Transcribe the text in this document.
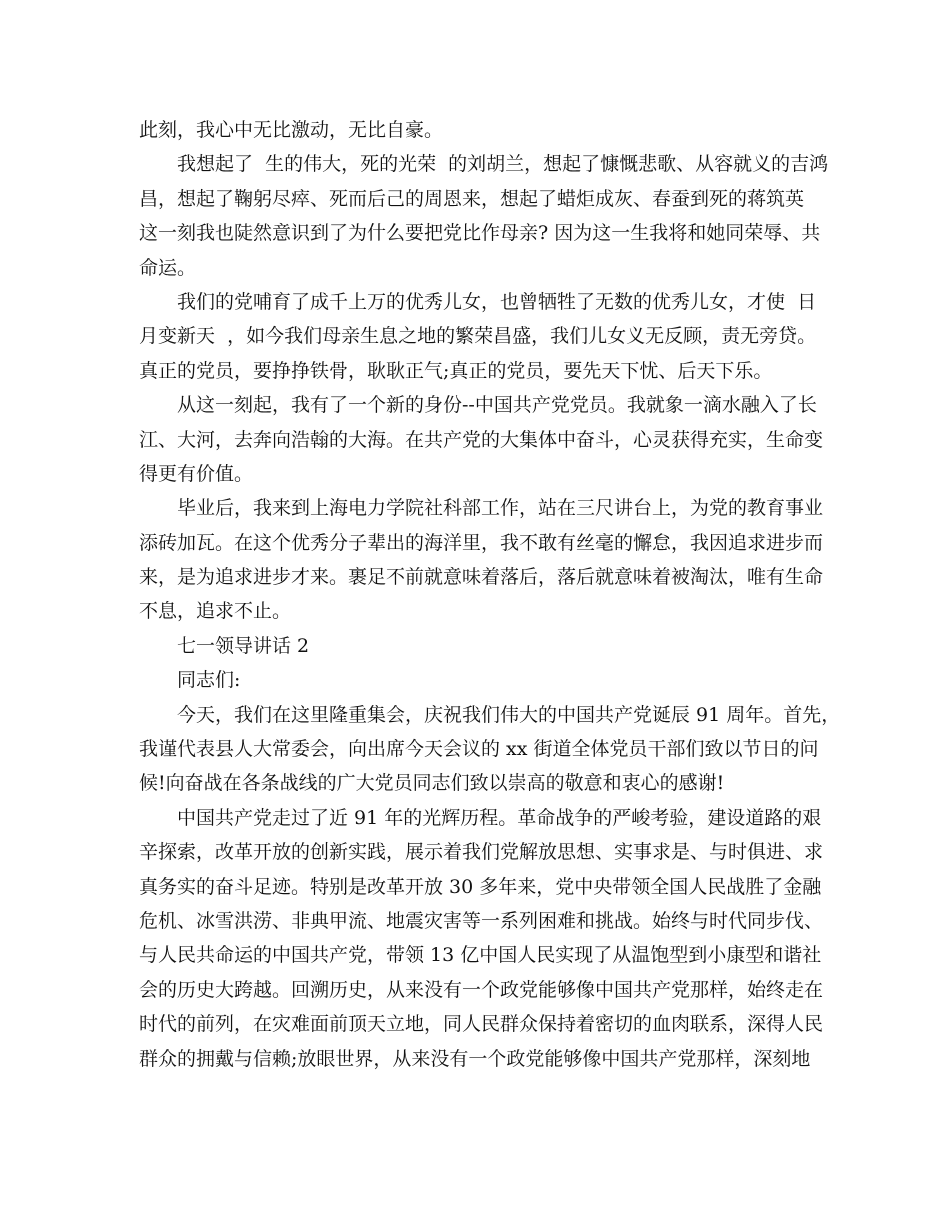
此刻，我心中无比激动，无比自豪。
我想起了  生的伟大，死的光荣  的刘胡兰，想起了慷慨悲歌、从容就义的吉鸿
昌，想起了鞠躬尽瘁、死而后己的周恩来，想起了蜡炬成灰、春蚕到死的蒋筑英
这一刻我也陡然意识到了为什么要把党比作母亲? 因为这一生我将和她同荣辱、共
命运。
我们的党哺育了成千上万的优秀儿女，也曾牺牲了无数的优秀儿女，才使  日
月变新天  ，如今我们母亲生息之地的繁荣昌盛，我们儿女义无反顾，责无旁贷。
真正的党员，要挣挣铁骨，耿耿正气;真正的党员，要先天下忧、后天下乐。
从这一刻起，我有了一个新的身份--中国共产党党员。我就象一滴水融入了长
江、大河，去奔向浩翰的大海。在共产党的大集体中奋斗，心灵获得充实，生命变
得更有价值。
毕业后，我来到上海电力学院社科部工作，站在三尺讲台上，为党的教育事业
添砖加瓦。在这个优秀分子辈出的海洋里，我不敢有丝毫的懈怠，我因追求进步而
来，是为追求进步才来。裹足不前就意味着落后，落后就意味着被淘汰，唯有生命
不息，追求不止。
七一领导讲话 2
同志们:
今天，我们在这里隆重集会，庆祝我们伟大的中国共产党诞辰 91 周年。首先，
我谨代表县人大常委会，向出席今天会议的 xx 街道全体党员干部们致以节日的问
候!向奋战在各条战线的广大党员同志们致以崇高的敬意和衷心的感谢!
中国共产党走过了近 91 年的光辉历程。革命战争的严峻考验，建设道路的艰
辛探索，改革开放的创新实践，展示着我们党解放思想、实事求是、与时俱进、求
真务实的奋斗足迹。特别是改革开放 30 多年来，党中央带领全国人民战胜了金融
危机、冰雪洪涝、非典甲流、地震灾害等一系列困难和挑战。始终与时代同步伐、
与人民共命运的中国共产党，带领 13 亿中国人民实现了从温饱型到小康型和谐社
会的历史大跨越。回溯历史，从来没有一个政党能够像中国共产党那样，始终走在
时代的前列，在灾难面前顶天立地，同人民群众保持着密切的血肉联系，深得人民
群众的拥戴与信赖;放眼世界，从来没有一个政党能够像中国共产党那样，深刻地
